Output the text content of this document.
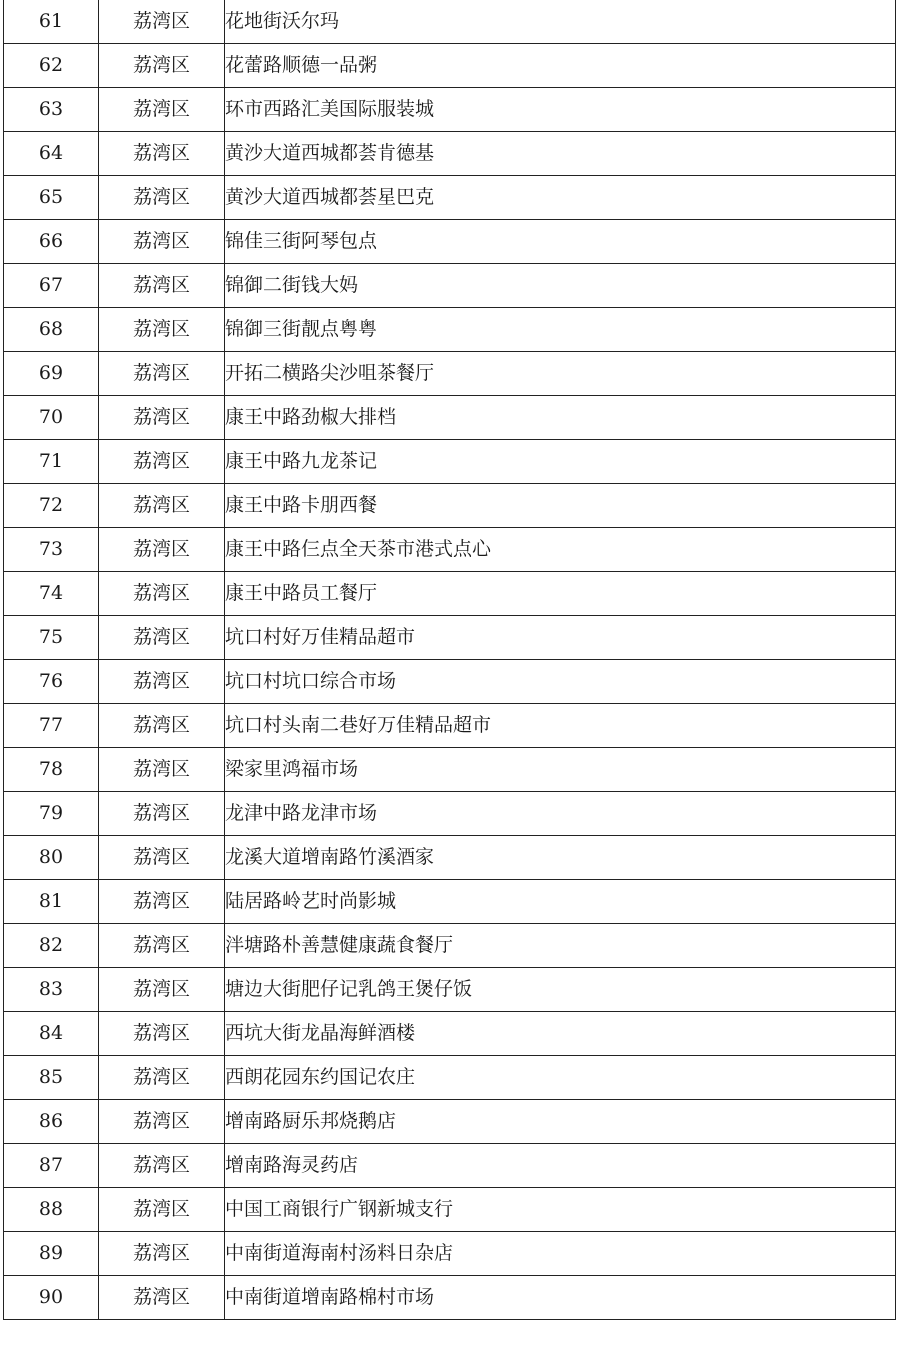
61	荔湾区	花地街沃尔玛
62	荔湾区	花蕾路顺德一品粥
63	荔湾区	环市西路汇美国际服装城
64	荔湾区	黄沙大道西城都荟肯德基
65	荔湾区	黄沙大道西城都荟星巴克
66	荔湾区	锦佳三街阿琴包点
67	荔湾区	锦御二街钱大妈
68	荔湾区	锦御三街靓点粤粤
69	荔湾区	开拓二横路尖沙咀茶餐厅
70	荔湾区	康王中路劲椒大排档
71	荔湾区	康王中路九龙茶记
72	荔湾区	康王中路卡朋西餐
73	荔湾区	康王中路仨点全天茶市港式点心
74	荔湾区	康王中路员工餐厅
75	荔湾区	坑口村好万佳精品超市
76	荔湾区	坑口村坑口综合市场
77	荔湾区	坑口村头南二巷好万佳精品超市
78	荔湾区	梁家里鸿福市场
79	荔湾区	龙津中路龙津市场
80	荔湾区	龙溪大道增南路竹溪酒家
81	荔湾区	陆居路岭艺时尚影城
82	荔湾区	泮塘路朴善慧健康蔬食餐厅
83	荔湾区	塘边大街肥仔记乳鸽王煲仔饭
84	荔湾区	西坑大街龙晶海鲜酒楼
85	荔湾区	西朗花园东约国记农庄
86	荔湾区	增南路厨乐邦烧鹅店
87	荔湾区	增南路海灵药店
88	荔湾区	中国工商银行广钢新城支行
89	荔湾区	中南街道海南村汤料日杂店
90	荔湾区	中南街道增南路棉村市场
